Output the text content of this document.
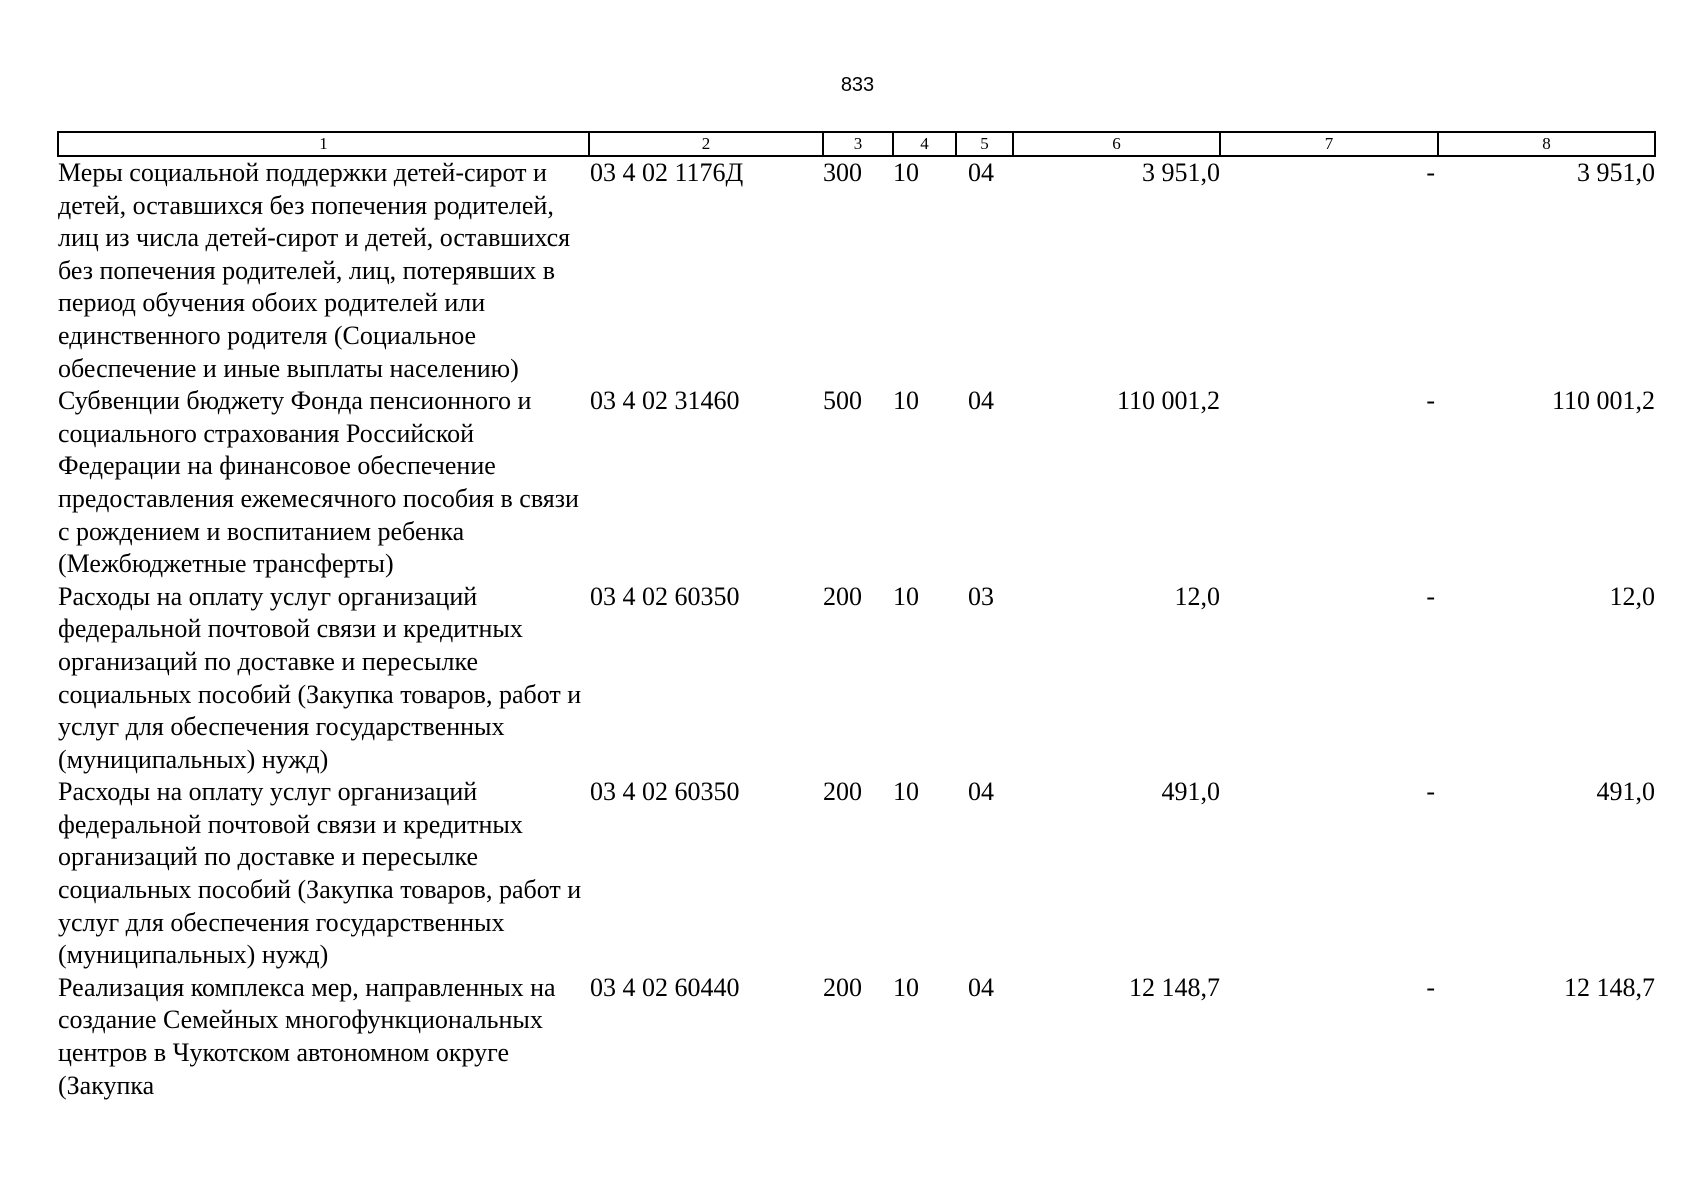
833
1	2	3	4	5	6	7	8
Меры социальной поддержки детей-сирот и детей, оставшихся без попечения родителей, лиц из числа детей-сирот и детей, оставшихся без попечения родителей, лиц, потерявших в период обучения обоих родителей или единственного родителя (Социальное обеспечение и иные выплаты населению)	03 4 02 1176Д	300	10	04	3 951,0	-	3 951,0
Субвенции бюджету Фонда пенсионного и социального страхования Российской Федерации на финансовое обеспечение предоставления ежемесячного пособия в связи с рождением и воспитанием ребенка (Межбюджетные трансферты)	03 4 02 31460	500	10	04	110 001,2	-	110 001,2
Расходы на оплату услуг организаций федеральной почтовой связи и кредитных организаций по доставке и пересылке социальных пособий (Закупка товаров, работ и услуг для обеспечения государственных (муниципальных) нужд)	03 4 02 60350	200	10	03	12,0	-	12,0
Расходы на оплату услуг организаций федеральной почтовой связи и кредитных организаций по доставке и пересылке социальных пособий (Закупка товаров, работ и услуг для обеспечения государственных (муниципальных) нужд)	03 4 02 60350	200	10	04	491,0	-	491,0
Реализация комплекса мер, направленных на создание Семейных многофункциональных центров в Чукотском автономном округе (Закупка	03 4 02 60440	200	10	04	12 148,7	-	12 148,7
